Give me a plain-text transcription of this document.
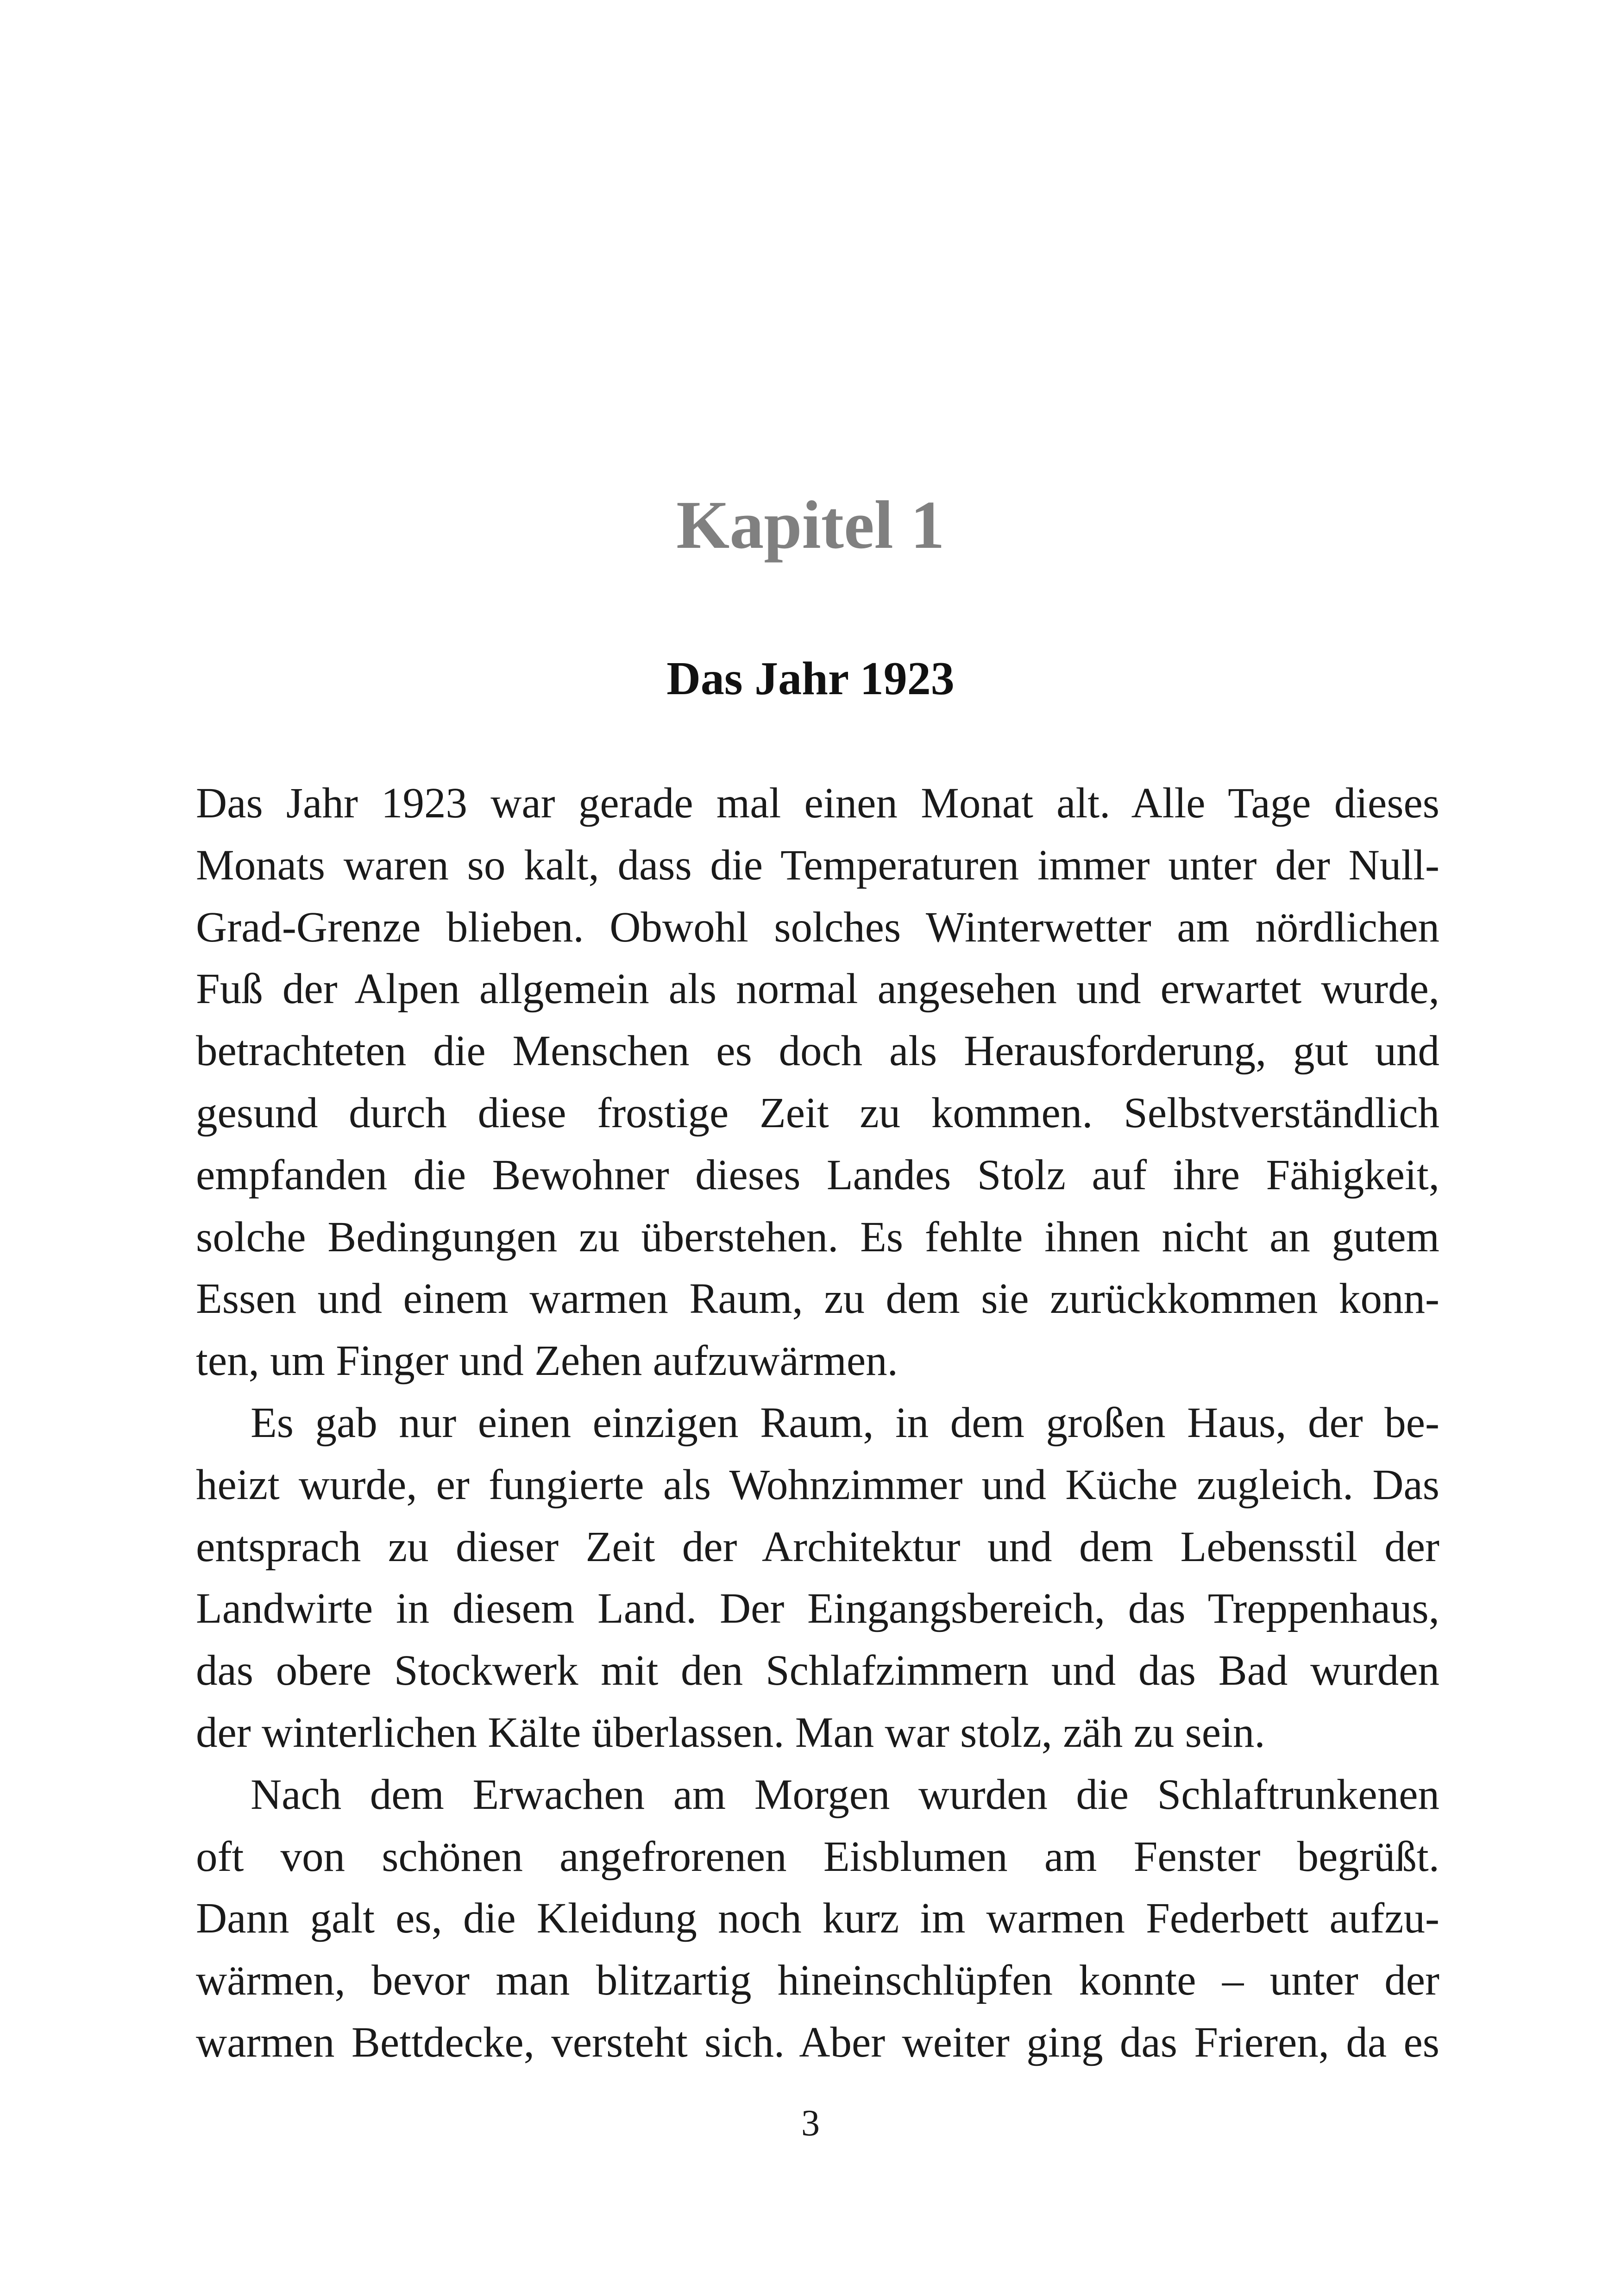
Kapitel 1
Das Jahr 1923
Das Jahr 1923 war gerade mal einen Monat alt. Alle Tage dieses
Monats waren so kalt, dass die Temperaturen immer unter der Null-
Grad-Grenze blieben. Obwohl solches Winterwetter am nördlichen
Fuß der Alpen allgemein als normal angesehen und erwartet wurde,
betrachteten die Menschen es doch als Herausforderung, gut und
gesund durch diese frostige Zeit zu kommen. Selbstverständlich
empfanden die Bewohner dieses Landes Stolz auf ihre Fähigkeit,
solche Bedingungen zu überstehen. Es fehlte ihnen nicht an gutem
Essen und einem warmen Raum, zu dem sie zurückkommen konn-
ten, um Finger und Zehen aufzuwärmen.
Es gab nur einen einzigen Raum, in dem großen Haus, der be-
heizt wurde, er fungierte als Wohnzimmer und Küche zugleich. Das
entsprach zu dieser Zeit der Architektur und dem Lebensstil der
Landwirte in diesem Land. Der Eingangsbereich, das Treppenhaus,
das obere Stockwerk mit den Schlafzimmern und das Bad wurden
der winterlichen Kälte überlassen. Man war stolz, zäh zu sein.
Nach dem Erwachen am Morgen wurden die Schlaftrunkenen
oft von schönen angefrorenen Eisblumen am Fenster begrüßt.
Dann galt es, die Kleidung noch kurz im warmen Federbett aufzu-
wärmen, bevor man blitzartig hineinschlüpfen konnte – unter der
warmen Bettdecke, versteht sich. Aber weiter ging das Frieren, da es
3
